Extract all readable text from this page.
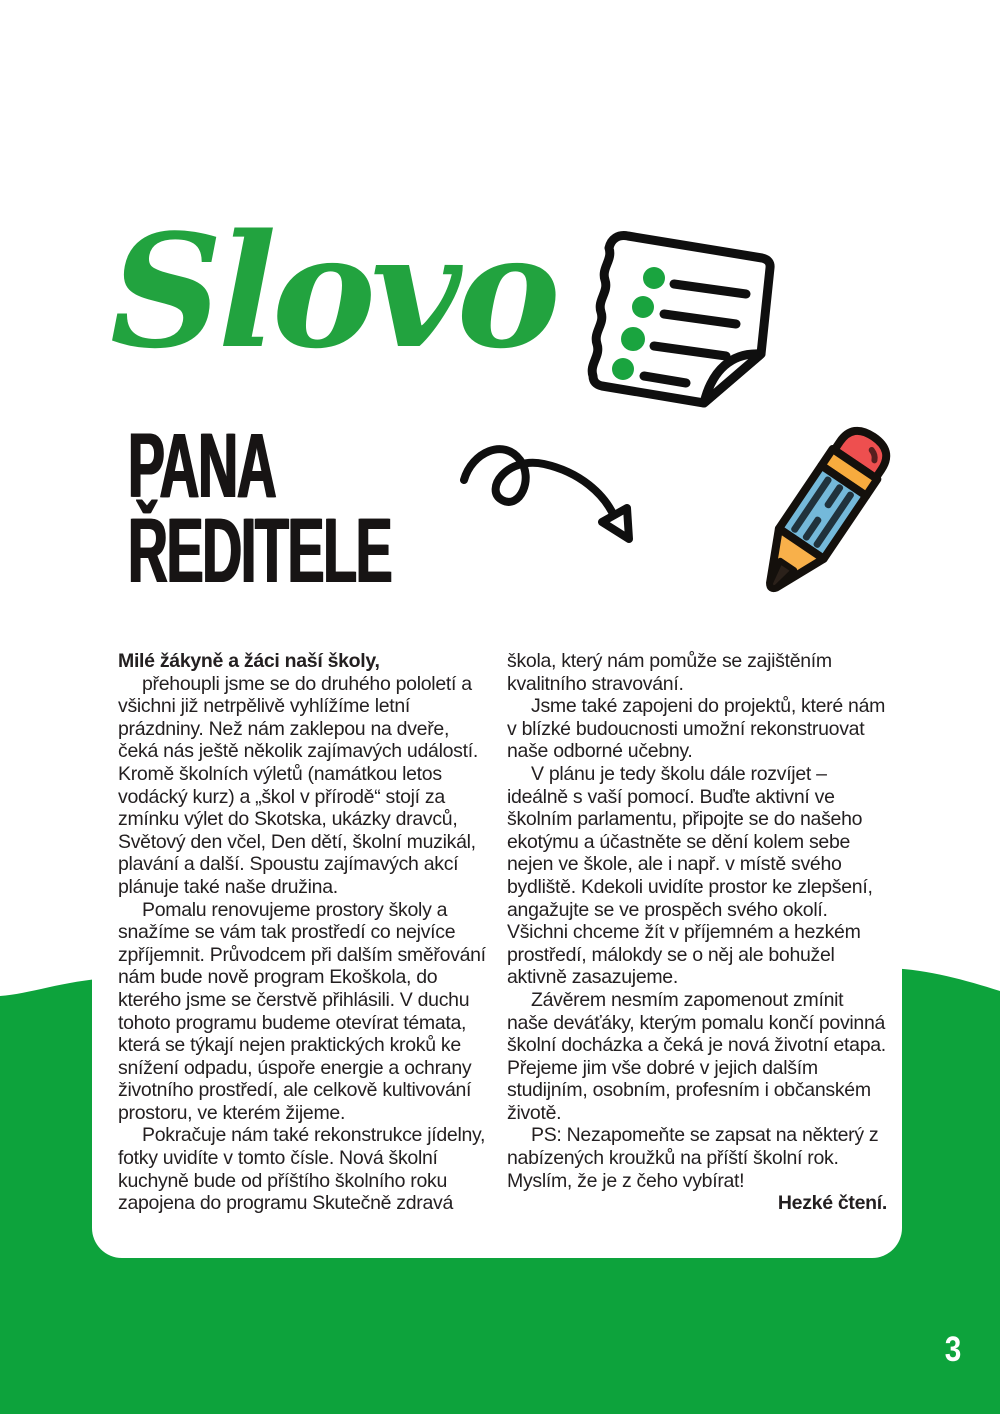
Slovo
PANA
ŘEDITELE

Milé žákyně a žáci naší školy,

přehoupli jsme se do druhého pololetí a všichni již netrpělivě vyhlížíme letní prázdniny. Než nám zaklepou na dveře, čeká nás ještě několik zajímavých událostí. Kromě školních výletů (namátkou letos vodácký kurz) a „škol v přírodě“ stojí za zmínku výlet do Skotska, ukázky dravců, Světový den včel, Den dětí, školní muzikál, plavání a další. Spoustu zajímavých akcí plánuje také naše družina.

Pomalu renovujeme prostory školy a snažíme se vám tak prostředí co nejvíce zpříjemnit. Průvodcem při dalším směřování nám bude nově program Ekoškola, do kterého jsme se čerstvě přihlásili. V duchu tohoto programu budeme otevírat témata, která se týkají nejen praktických kroků ke snížení odpadu, úspoře energie a ochrany životního prostředí, ale celkově kultivování prostoru, ve kterém žijeme.

Pokračuje nám také rekonstrukce jídelny, fotky uvidíte v tomto čísle. Nová školní kuchyně bude od příštího školního roku zapojena do programu Skutečně zdravá

škola, který nám pomůže se zajištěním kvalitního stravování.

Jsme také zapojeni do projektů, které nám v blízké budoucnosti umožní rekonstruovat naše odborné učebny.

V plánu je tedy školu dále rozvíjet – ideálně s vaší pomocí. Buďte aktivní ve školním parlamentu, připojte se do našeho ekotýmu a účastněte se dění kolem sebe nejen ve škole, ale i např. v místě svého bydliště. Kdekoli uvidíte prostor ke zlepšení, angažujte se ve prospěch svého okolí. Všichni chceme žít v příjemném a hezkém prostředí, málokdy se o něj ale bohužel aktivně zasazujeme.

Závěrem nesmím zapomenout zmínit naše deváťáky, kterým pomalu končí povinná školní docházka a čeká je nová životní etapa. Přejeme jim vše dobré v jejich dalším studijním, osobním, profesním i občanském životě.

PS: Nezapomeňte se zapsat na některý z nabízených kroužků na příští školní rok. Myslím, že je z čeho vybírat!

Hezké čtení.

3
